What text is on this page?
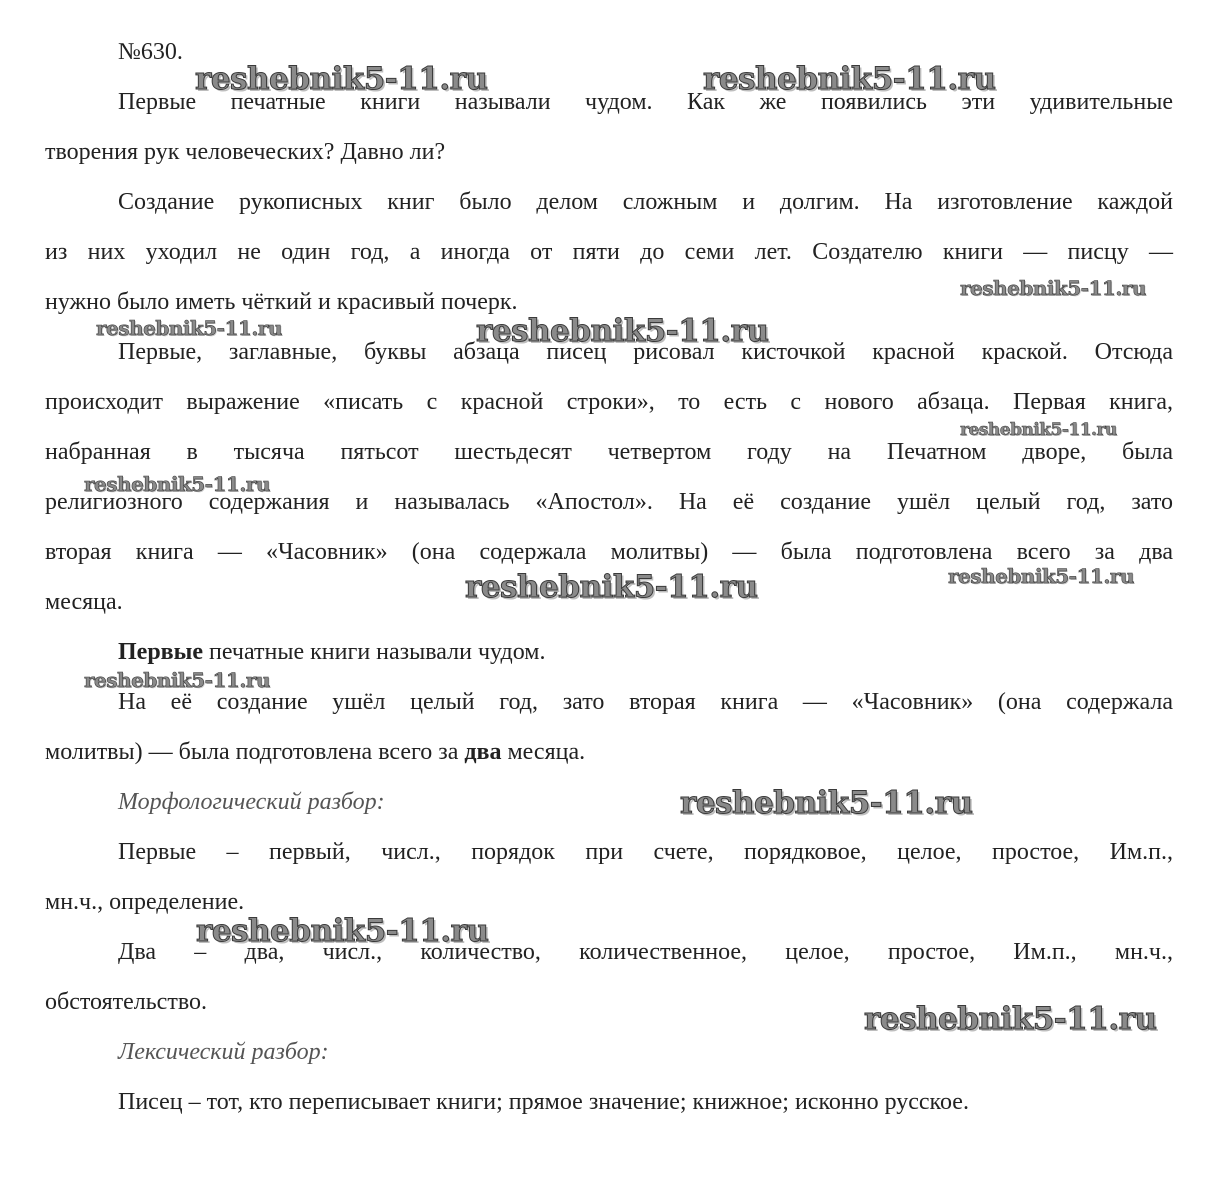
№630.
Первые печатные книги называли чудом. Как же появились эти удивительные
творения рук человеческих? Давно ли?
Создание рукописных книг было делом сложным и долгим. На изготовление каждой
из них уходил не один год, а иногда от пяти до семи лет. Создателю книги — писцу —
нужно было иметь чёткий и красивый почерк.
Первые, заглавные, буквы абзаца писец рисовал кисточкой красной краской. Отсюда
происходит выражение «писать с красной строки», то есть с нового абзаца. Первая книга,
набранная в тысяча пятьсот шестьдесят четвертом году на Печатном дворе, была
религиозного содержания и называлась «Апостол». На её создание ушёл целый год, зато
вторая книга — «Часовник» (она содержала молитвы) — была подготовлена всего за два
месяца.
Первые печатные книги называли чудом.
На её создание ушёл целый год, зато вторая книга — «Часовник» (она содержала
молитвы) — была подготовлена всего за два месяца.
Морфологический разбор:
Первые – первый, числ., порядок при счете, порядковое, целое, простое, Им.п.,
мн.ч., определение.
Два – два, числ., количество, количественное, целое, простое, Им.п., мн.ч.,
обстоятельство.
Лексический разбор:
Писец – тот, кто переписывает книги; прямое значение; книжное; исконно русское.
reshebnik5-11.ru	reshebnik5-11.ru
reshebnik5-11.ru
reshebnik5-11.ru	reshebnik5-11.ru
reshebnik5-11.ru
reshebnik5-11.ru
reshebnik5-11.ru
reshebnik5-11.ru
reshebnik5-11.ru
reshebnik5-11.ru
reshebnik5-11.ru
reshebnik5-11.ru
